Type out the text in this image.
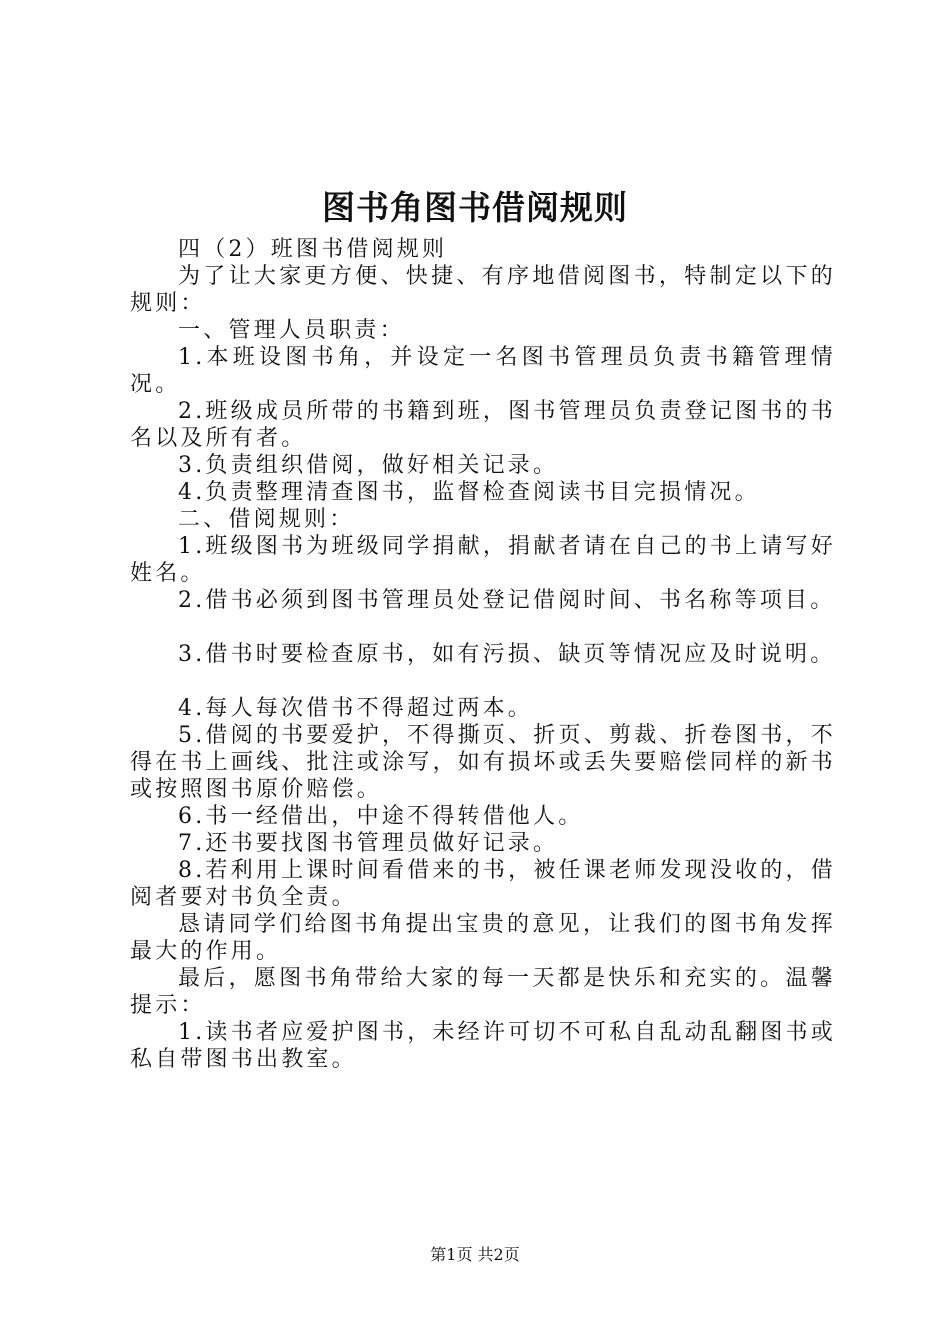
图书角图书借阅规则

四（2）班图书借阅规则

为了让大家更方便、快捷、有序地借阅图书，特制定以下的规则：

一、管理人员职责：

1.本班设图书角，并设定一名图书管理员负责书籍管理情况。

2.班级成员所带的书籍到班，图书管理员负责登记图书的书名以及所有者。

3.负责组织借阅，做好相关记录。

4.负责整理清查图书，监督检查阅读书目完损情况。

二、借阅规则：

1.班级图书为班级同学捐献，捐献者请在自己的书上请写好姓名。

2.借书必须到图书管理员处登记借阅时间、书名称等项目。

3.借书时要检查原书，如有污损、缺页等情况应及时说明。

4.每人每次借书不得超过两本。

5.借阅的书要爱护，不得撕页、折页、剪裁、折卷图书，不得在书上画线、批注或涂写，如有损坏或丢失要赔偿同样的新书或按照图书原价赔偿。

6.书一经借出，中途不得转借他人。

7.还书要找图书管理员做好记录。

8.若利用上课时间看借来的书，被任课老师发现没收的，借阅者要对书负全责。

恳请同学们给图书角提出宝贵的意见，让我们的图书角发挥最大的作用。

最后，愿图书角带给大家的每一天都是快乐和充实的。温馨提示：

1.读书者应爱护图书，未经许可切不可私自乱动乱翻图书或私自带图书出教室。

第1页 共2页
